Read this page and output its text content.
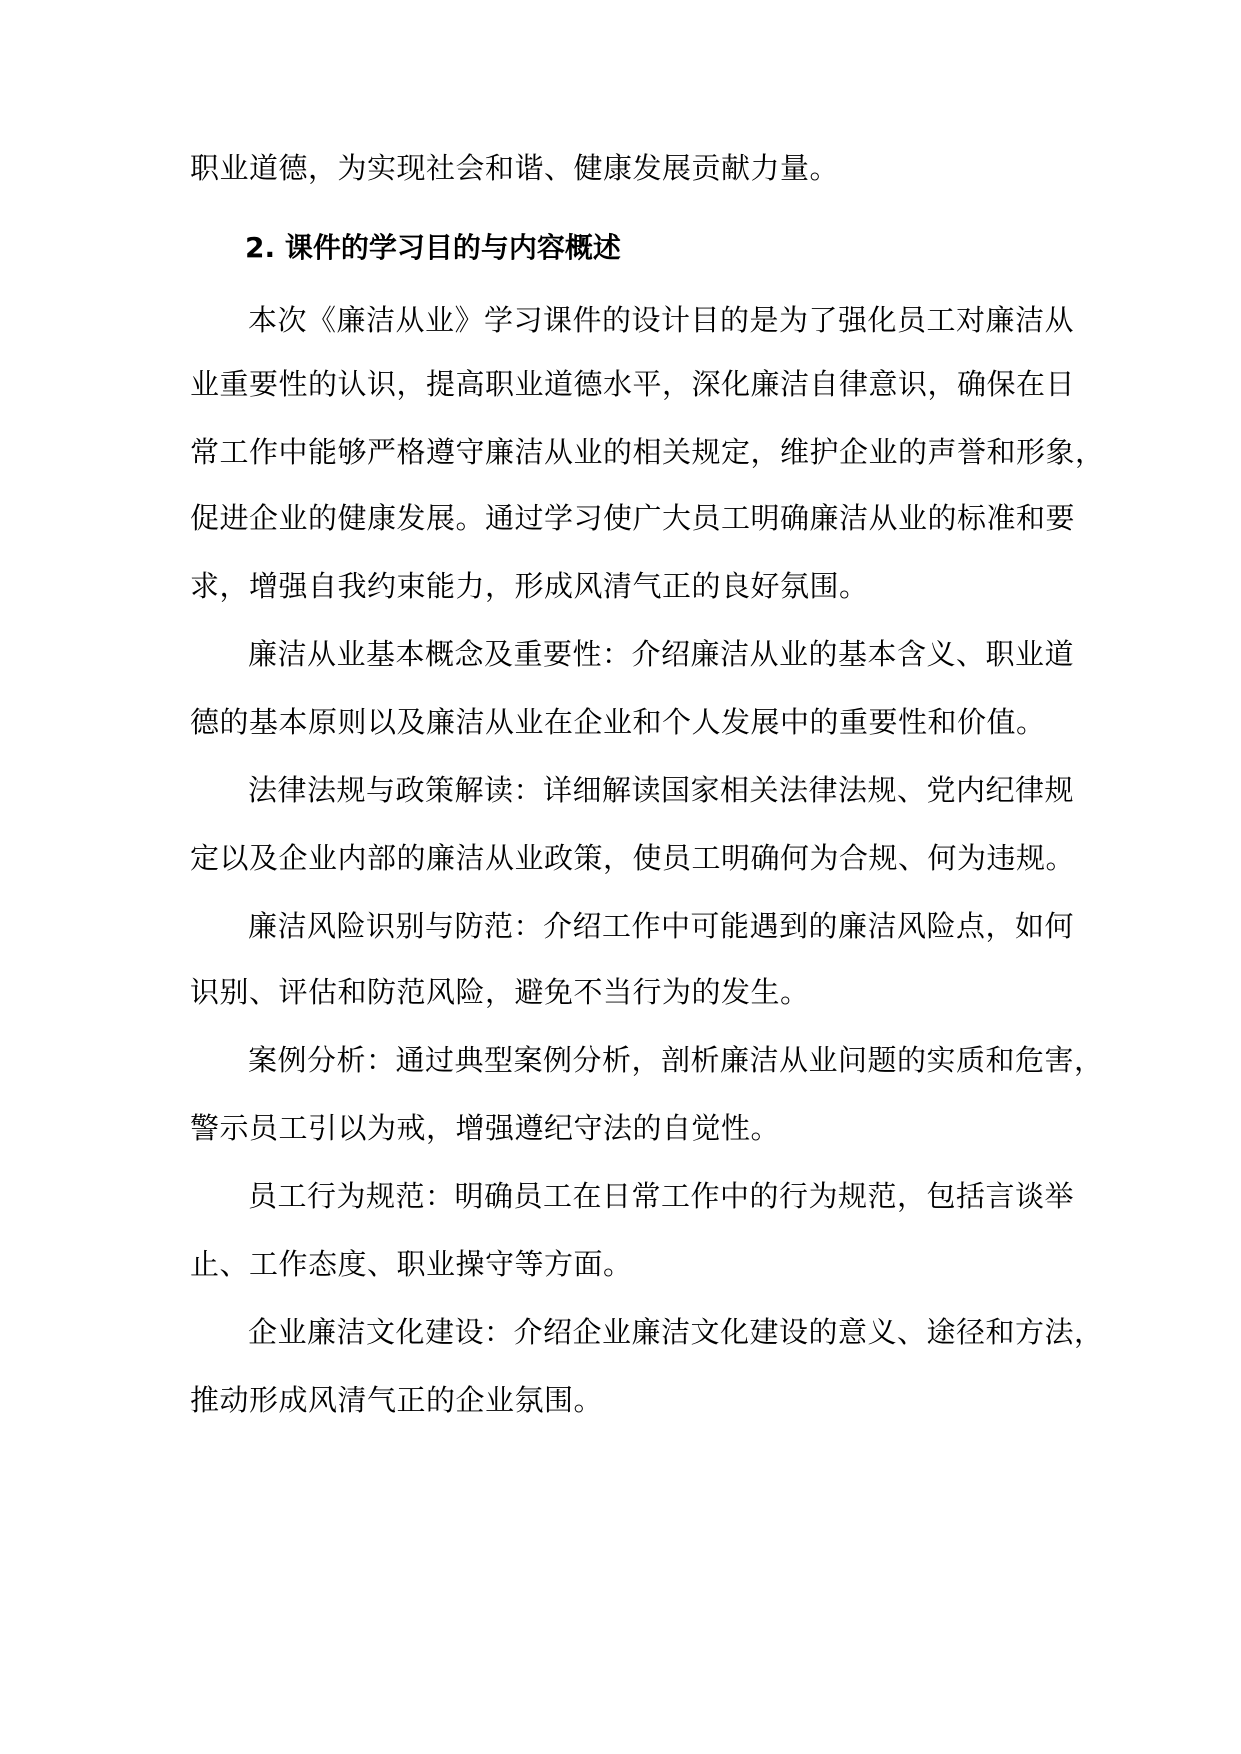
职业道德，为实现社会和谐、健康发展贡献力量。
2. 课件的学习目的与内容概述
本次《廉洁从业》学习课件的设计目的是为了强化员工对廉洁从
业重要性的认识，提高职业道德水平，深化廉洁自律意识，确保在日
常工作中能够严格遵守廉洁从业的相关规定，维护企业的声誉和形象，
促进企业的健康发展。通过学习使广大员工明确廉洁从业的标准和要
求，增强自我约束能力，形成风清气正的良好氛围。
廉洁从业基本概念及重要性：介绍廉洁从业的基本含义、职业道
德的基本原则以及廉洁从业在企业和个人发展中的重要性和价值。
法律法规与政策解读：详细解读国家相关法律法规、党内纪律规
定以及企业内部的廉洁从业政策，使员工明确何为合规、何为违规。
廉洁风险识别与防范：介绍工作中可能遇到的廉洁风险点，如何
识别、评估和防范风险，避免不当行为的发生。
案例分析：通过典型案例分析，剖析廉洁从业问题的实质和危害，
警示员工引以为戒，增强遵纪守法的自觉性。
员工行为规范：明确员工在日常工作中的行为规范，包括言谈举
止、工作态度、职业操守等方面。
企业廉洁文化建设：介绍企业廉洁文化建设的意义、途径和方法，
推动形成风清气正的企业氛围。
